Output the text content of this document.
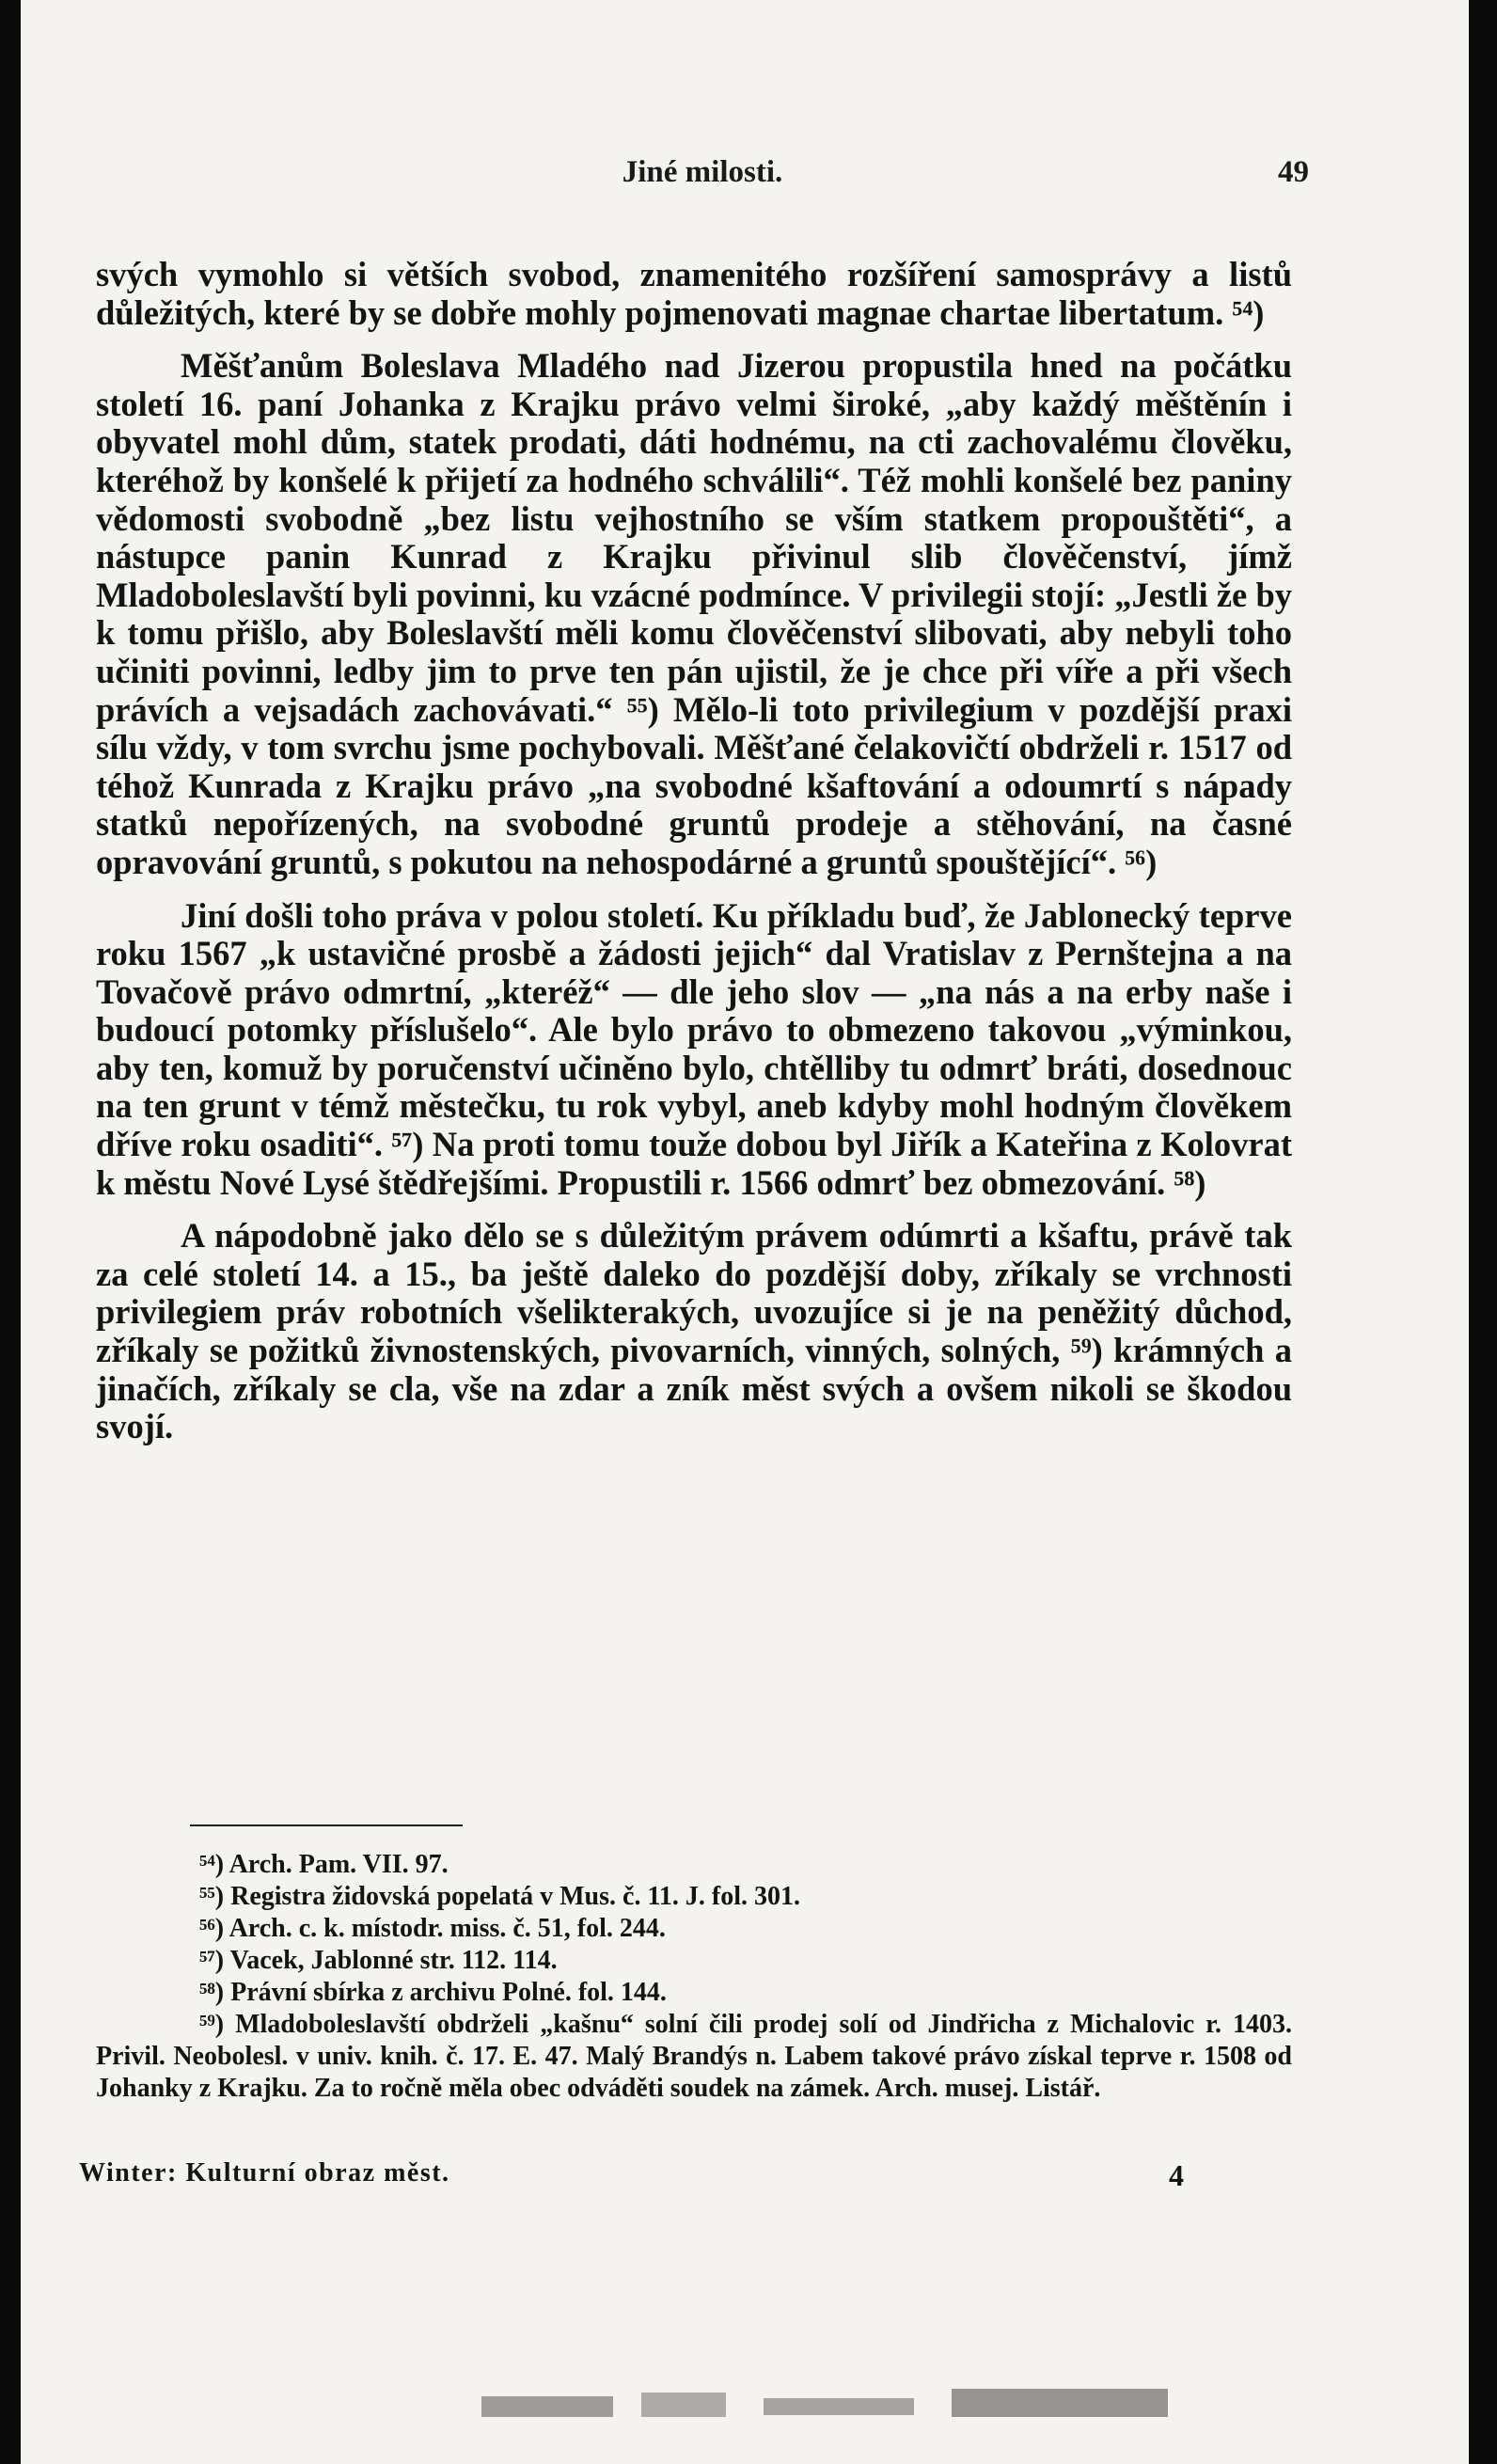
Jiné milosti.	49

svých vymohlo si větších svobod, znamenitého rozšíření samosprávy a listů důležitých, které by se dobře mohly pojmenovati magnae chartae libertatum. ⁵⁴)

Měšťanům Boleslava Mladého nad Jizerou propustila hned na počátku století 16. paní Johanka z Krajku právo velmi široké, „aby každý měštěnín i obyvatel mohl dům, statek prodati, dáti hodnému, na cti zachovalému člověku, kteréhož by konšelé k přijetí za hodného schválili“. Též mohli konšelé bez paniny vědomosti svobodně „bez listu vejhostního se vším statkem propouštěti“, a nástupce panin Kunrad z Krajku přivinul slib člověčenství, jímž Mladoboleslavští byli povinni, ku vzácné podmínce. V privilegii stojí: „Jestli že by k tomu přišlo, aby Boleslavští měli komu člověčenství slibovati, aby nebyli toho učiniti povinni, ledby jim to prve ten pán ujistil, že je chce při víře a při všech právích a vejsadách zachovávati.“ ⁵⁵) Mělo-li toto privilegium v pozdější praxi sílu vždy, v tom svrchu jsme pochybovali. Měšťané čelakovičtí obdrželi r. 1517 od téhož Kunrada z Krajku právo „na svobodné kšaftování a odoumrtí s nápady statků nepořízených, na svobodné gruntů prodeje a stěhování, na časné opravování gruntů, s pokutou na nehospodárné a gruntů spouštějící“. ⁵⁶)

Jiní došli toho práva v polou století. Ku příkladu buď, že Jablonecký teprve roku 1567 „k ustavičné prosbě a žádosti jejich“ dal Vratislav z Pernštejna a na Tovačově právo odmrtní, „kteréž“ — dle jeho slov — „na nás a na erby naše i budoucí potomky příslušelo“. Ale bylo právo to obmezeno takovou „výminkou, aby ten, komuž by poručenství učiněno bylo, chtělliby tu odmrť bráti, dosednouc na ten grunt v témž městečku, tu rok vybyl, aneb kdyby mohl hodným člověkem dříve roku osaditi“. ⁵⁷) Na proti tomu touže dobou byl Jiřík a Kateřina z Kolovrat k městu Nové Lysé štědřejšími. Propustili r. 1566 odmrť bez obmezování. ⁵⁸)

A nápodobně jako dělo se s důležitým právem odúmrti a kšaftu, právě tak za celé století 14. a 15., ba ještě daleko do pozdější doby, zříkaly se vrchnosti privilegiem práv robotních všelikterakých, uvozujíce si je na peněžitý důchod, zříkaly se požitků živnostenských, pivovarních, vinných, solných, ⁵⁹) krámných a jinačích, zříkaly se cla, vše na zdar a zník měst svých a ovšem nikoli se škodou svojí.

⁵⁴) Arch. Pam. VII. 97.

⁵⁵) Registra židovská popelatá v Mus. č. 11. J. fol. 301.

⁵⁶) Arch. c. k. místodr. miss. č. 51, fol. 244.

⁵⁷) Vacek, Jablonné str. 112. 114.

⁵⁸) Právní sbírka z archivu Polné. fol. 144.

⁵⁹) Mladoboleslavští obdrželi „kašnu“ solní čili prodej solí od Jindřicha z Michalovic r. 1403. Privil. Neobolesl. v univ. knih. č. 17. E. 47. Malý Brandýs n. Labem takové právo získal teprve r. 1508 od Johanky z Krajku. Za to ročně měla obec odváděti soudek na zámek. Arch. musej. Listář.

Winter: Kulturní obraz měst.	4
